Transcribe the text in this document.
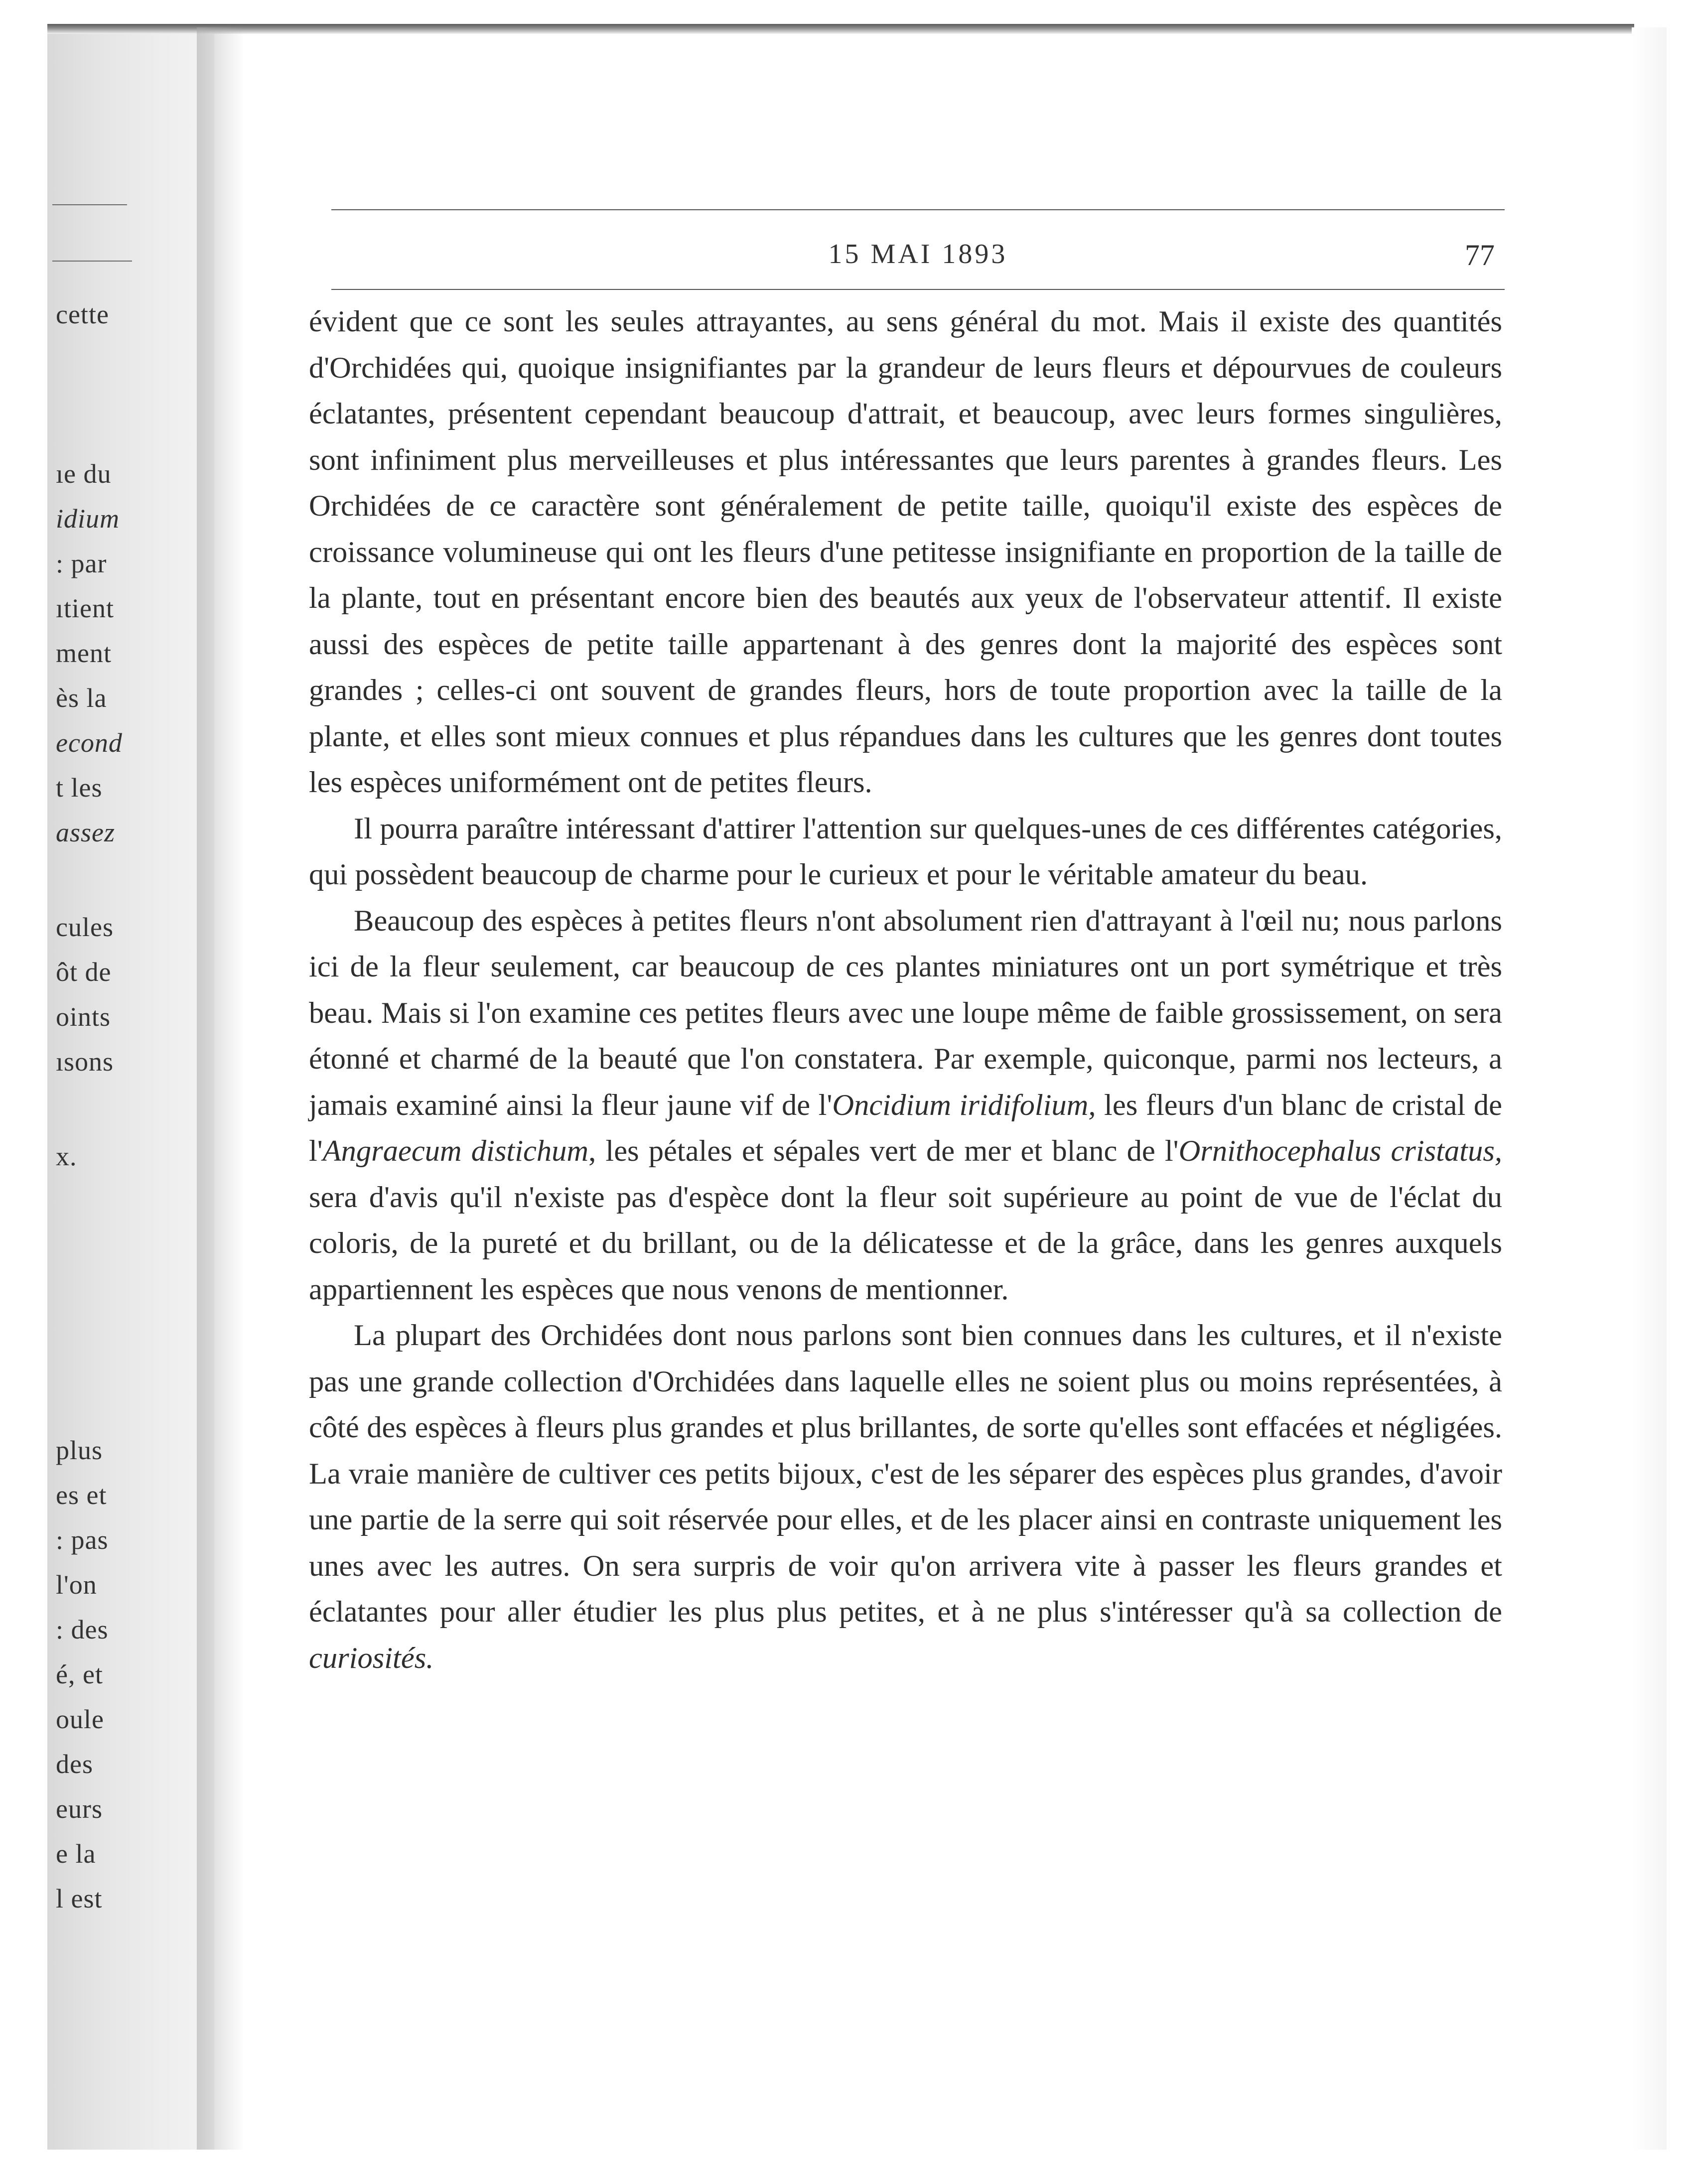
cette
ıe du
idium
: par
ıtient
ment
ès la
econd
t les
assez
cules
ôt de
oints
ısons
x.
plus
es et
: pas
l'on
: des
é, et
oule
des
eurs
e la
l est
15 MAI 1893	77

évident que ce sont les seules attrayantes, au sens général du mot. Mais il existe des quantités d'Orchidées qui, quoique insignifiantes par la grandeur de leurs fleurs et dépourvues de couleurs éclatantes, présentent cependant beaucoup d'attrait, et beaucoup, avec leurs formes singulières, sont infiniment plus merveilleuses et plus intéressantes que leurs parentes à grandes fleurs. Les Orchidées de ce caractère sont généralement de petite taille, quoiqu'il existe des espèces de croissance volumineuse qui ont les fleurs d'une petitesse insignifiante en proportion de la taille de la plante, tout en présentant encore bien des beautés aux yeux de l'observateur attentif. Il existe aussi des espèces de petite taille appartenant à des genres dont la majorité des espèces sont grandes ; celles-ci ont souvent de grandes fleurs, hors de toute proportion avec la taille de la plante, et elles sont mieux connues et plus répandues dans les cultures que les genres dont toutes les espèces uniformément ont de petites fleurs.

Il pourra paraître intéressant d'attirer l'attention sur quelques-unes de ces différentes catégories, qui possèdent beaucoup de charme pour le curieux et pour le véritable amateur du beau.

Beaucoup des espèces à petites fleurs n'ont absolument rien d'attrayant à l'œil nu; nous parlons ici de la fleur seulement, car beaucoup de ces plantes miniatures ont un port symétrique et très beau. Mais si l'on examine ces petites fleurs avec une loupe même de faible grossissement, on sera étonné et charmé de la beauté que l'on constatera. Par exemple, quiconque, parmi nos lecteurs, a jamais examiné ainsi la fleur jaune vif de l'Oncidium iridifolium, les fleurs d'un blanc de cristal de l'Angraecum distichum, les pétales et sépales vert de mer et blanc de l'Ornithocephalus cristatus, sera d'avis qu'il n'existe pas d'espèce dont la fleur soit supérieure au point de vue de l'éclat du coloris, de la pureté et du brillant, ou de la délicatesse et de la grâce, dans les genres auxquels appartiennent les espèces que nous venons de mentionner.

La plupart des Orchidées dont nous parlons sont bien connues dans les cultures, et il n'existe pas une grande collection d'Orchidées dans laquelle elles ne soient plus ou moins représentées, à côté des espèces à fleurs plus grandes et plus brillantes, de sorte qu'elles sont effacées et négligées. La vraie manière de cultiver ces petits bijoux, c'est de les séparer des espèces plus grandes, d'avoir une partie de la serre qui soit réservée pour elles, et de les placer ainsi en contraste uniquement les unes avec les autres. On sera surpris de voir qu'on arrivera vite à passer les fleurs grandes et éclatantes pour aller étudier les plus plus petites, et à ne plus s'intéresser qu'à sa collection de curiosités.
